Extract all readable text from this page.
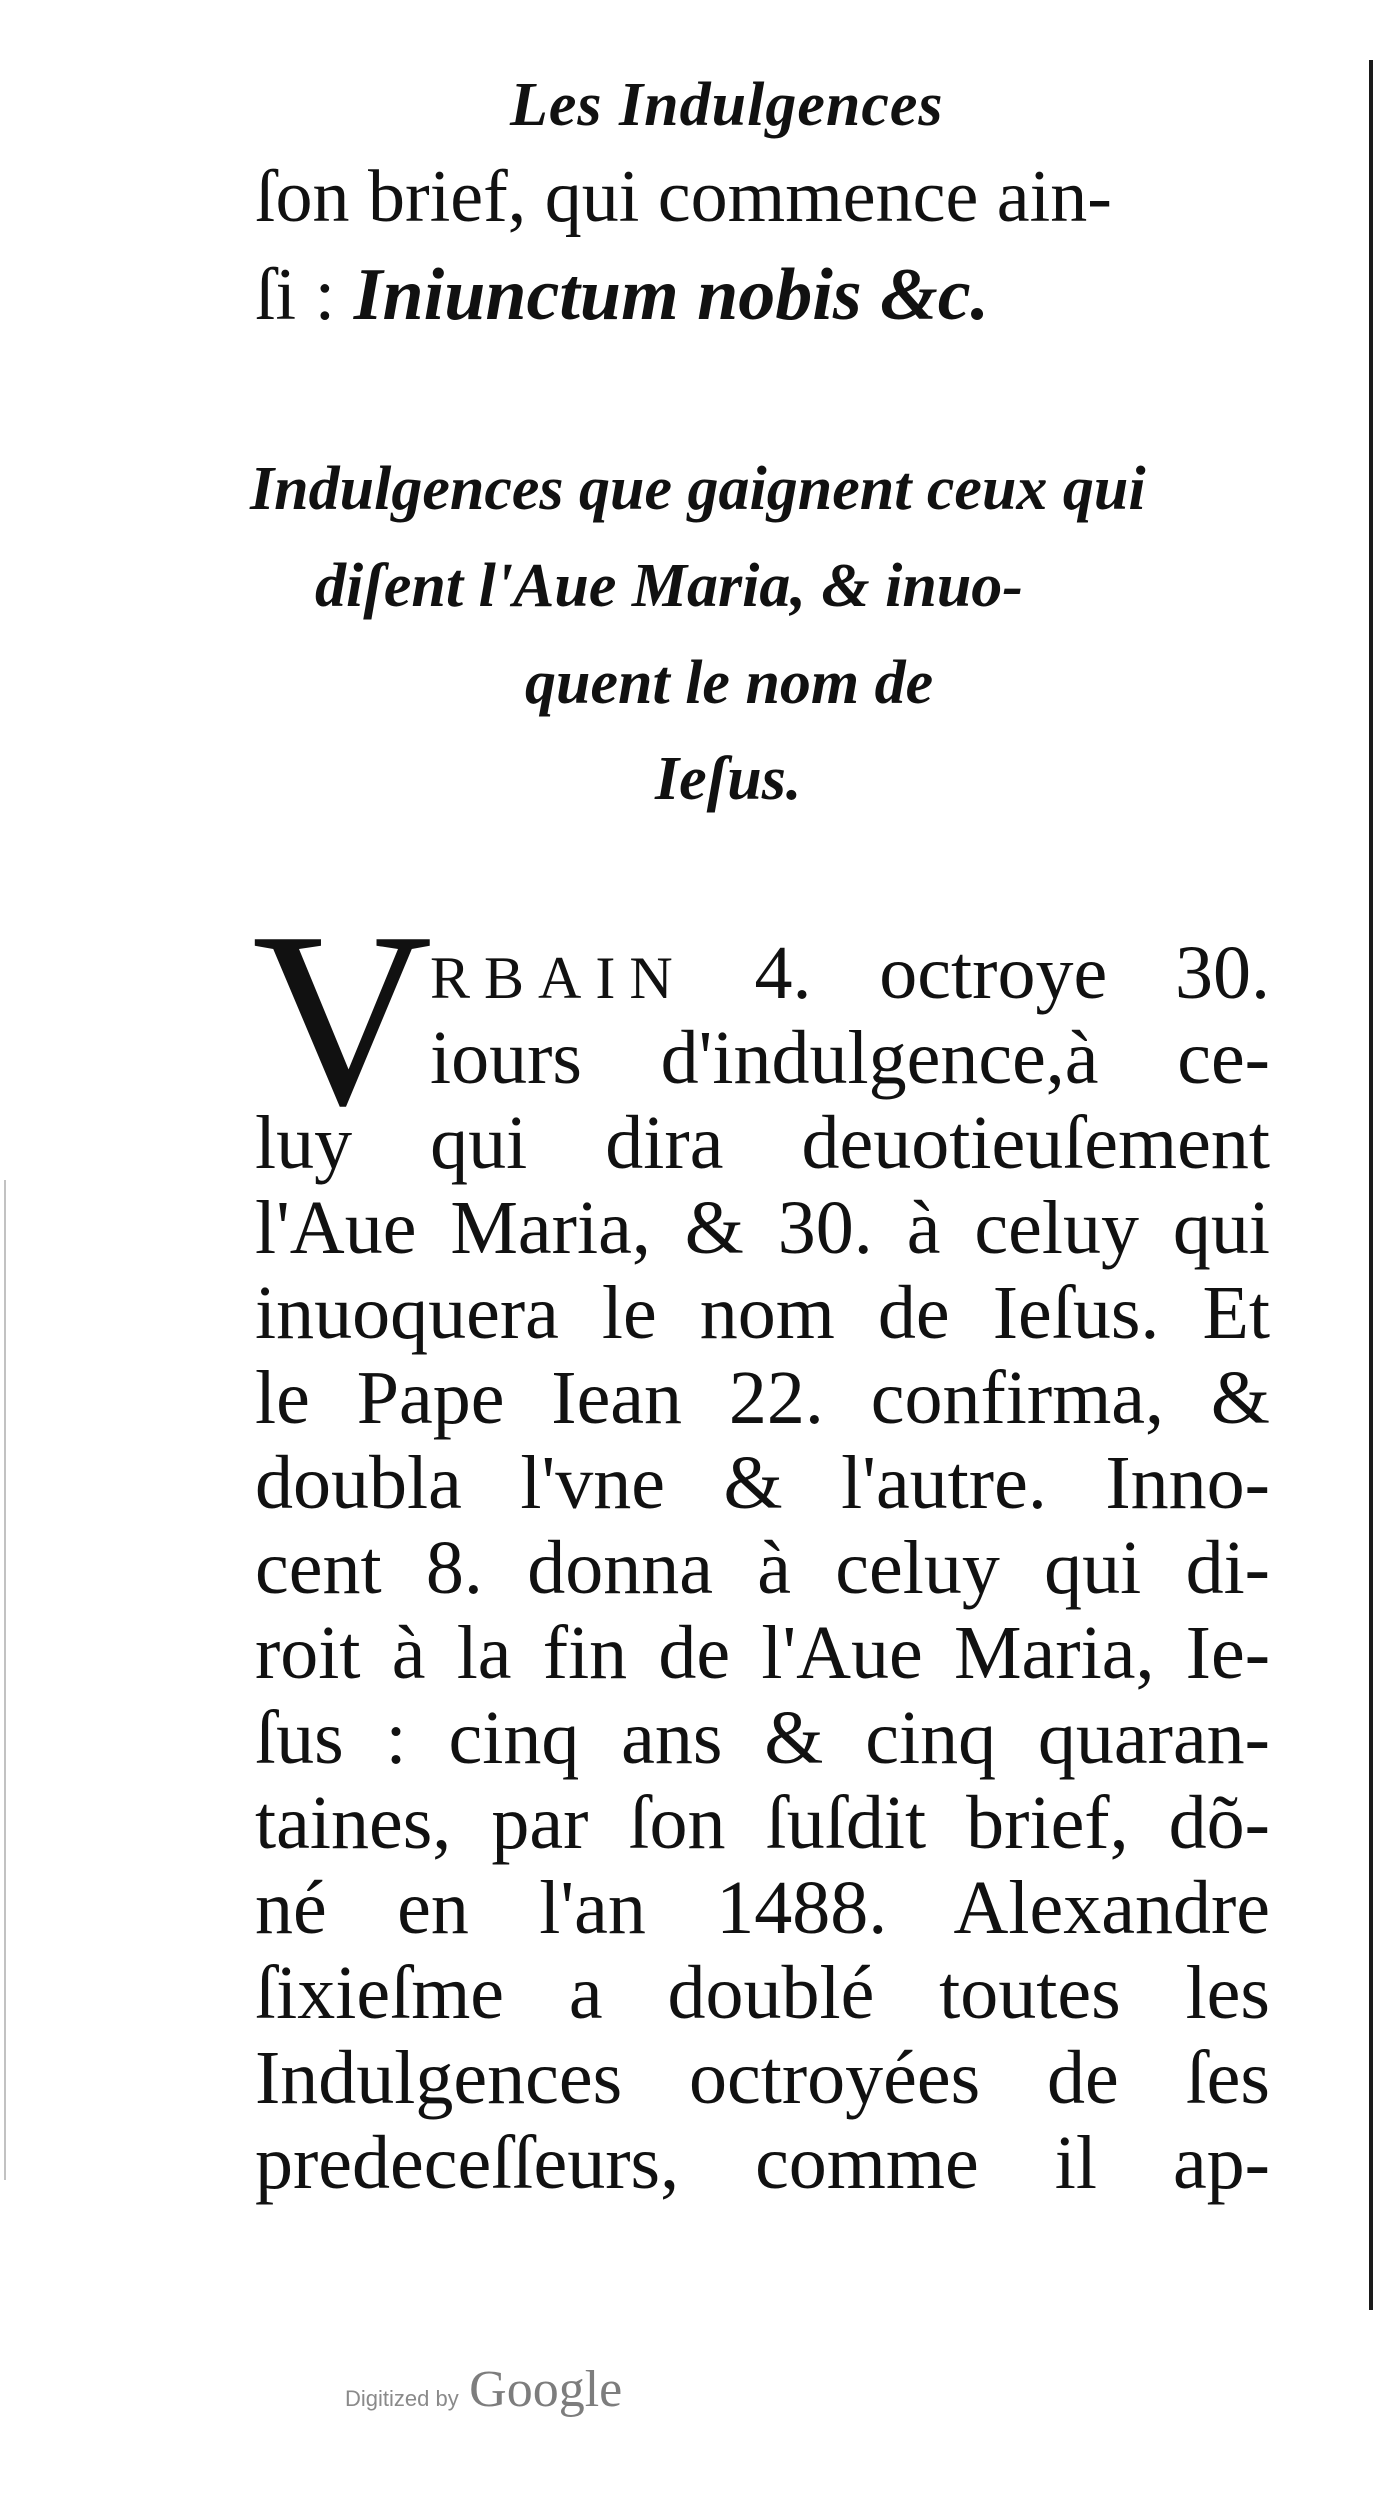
Les Indulgences
ſon brief, qui commence ain-
ſi : Iniunctum nobis &c.
Indulgences que gaignent ceux qui
diſent l'Aue Maria, & inuo-
quent le nom de
Ieſus.
V
RBAIN 4. octroye 30.
iours d'indulgence,à ce-
luy qui dira deuotieuſement
l'Aue Maria, & 30. à celuy qui
inuoquera le nom de Ieſus. Et
le Pape Iean 22. confirma, &
doubla l'vne & l'autre. Inno-
cent 8. donna à celuy qui di-
roit à la fin de l'Aue Maria, Ie-
ſus : cinq ans & cinq quaran-
taines, par ſon ſuſdit brief, dõ-
né en l'an 1488. Alexandre
ſixieſme a doublé toutes les
Indulgences octroyées de ſes
predeceſſeurs, comme il ap-
Digitized by Google
